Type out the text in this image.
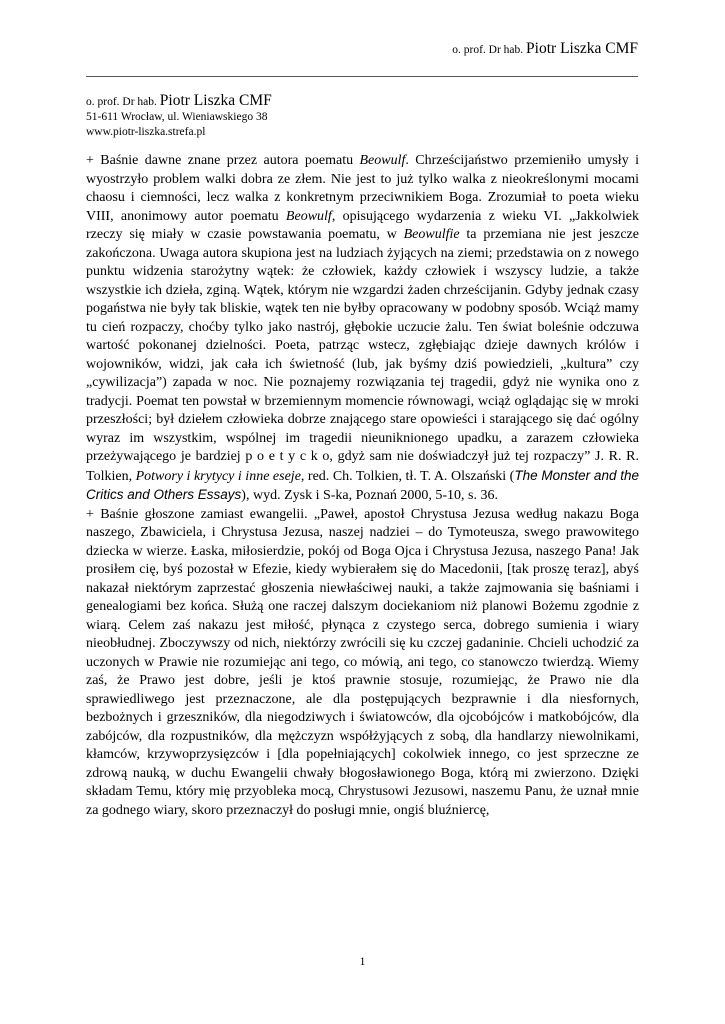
o. prof. Dr hab. Piotr Liszka CMF
o. prof. Dr hab. Piotr Liszka CMF
51-611 Wrocław, ul. Wieniawskiego 38
www.piotr-liszka.strefa.pl

+ Baśnie dawne znane przez autora poematu Beowulf. Chrześcijaństwo przemieniło umysły i wyostrzyło problem walki dobra ze złem. Nie jest to już tylko walka z nieokreślonymi mocami chaosu i ciemności, lecz walka z konkretnym przeciwnikiem Boga. Zrozumiał to poeta wieku VIII, anonimowy autor poematu Beowulf, opisującego wydarzenia z wieku VI. „Jakkolwiek rzeczy się miały w czasie powstawania poematu, w Beowulfie ta przemiana nie jest jeszcze zakończona. Uwaga autora skupiona jest na ludziach żyjących na ziemi; przedstawia on z nowego punktu widzenia starożytny wątek: że człowiek, każdy człowiek i wszyscy ludzie, a także wszystkie ich dzieła, zginą. Wątek, którym nie wzgardzi żaden chrześcijanin. Gdyby jednak czasy pogaństwa nie były tak bliskie, wątek ten nie byłby opracowany w podobny sposób. Wciąż mamy tu cień rozpaczy, choćby tylko jako nastrój, głębokie uczucie żalu. Ten świat boleśnie odczuwa wartość pokonanej dzielności. Poeta, patrząc wstecz, zgłębiając dzieje dawnych królów i wojowników, widzi, jak cała ich świetność (lub, jak byśmy dziś powiedzieli, „kultura” czy „cywilizacja”) zapada w noc. Nie poznajemy rozwiązania tej tragedii, gdyż nie wynika ono z tradycji. Poemat ten powstał w brzemiennym momencie równowagi, wciąż oglądając się w mroki przeszłości; był dziełem człowieka dobrze znającego stare opowieści i starającego się dać ogólny wyraz im wszystkim, wspólnej im tragedii nieuniknionego upadku, a zarazem człowieka przeżywającego je bardziej p o e t y c k o, gdyż sam nie doświadczył już tej rozpaczy” J. R. R. Tolkien, Potwory i krytycy i inne eseje, red. Ch. Tolkien, tł. T. A. Olszański (The Monster and the Critics and Others Essays), wyd. Zysk i S-ka, Poznań 2000, 5-10, s. 36.

+ Baśnie głoszone zamiast ewangelii. „Paweł, apostoł Chrystusa Jezusa według nakazu Boga naszego, Zbawiciela, i Chrystusa Jezusa, naszej nadziei – do Tymoteusza, swego prawowitego dziecka w wierze. Łaska, miłosierdzie, pokój od Boga Ojca i Chrystusa Jezusa, naszego Pana! Jak prosiłem cię, byś pozostał w Efezie, kiedy wybierałem się do Macedonii, [tak proszę teraz], abyś nakazał niektórym zaprzestać głoszenia niewłaściwej nauki, a także zajmowania się baśniami i genealogiami bez końca. Służą one raczej dalszym dociekaniom niż planowi Bożemu zgodnie z wiarą. Celem zaś nakazu jest miłość, płynąca z czystego serca, dobrego sumienia i wiary nieobłudnej. Zboczywszy od nich, niektórzy zwrócili się ku czczej gadaninie. Chcieli uchodzić za uczonych w Prawie nie rozumiejąc ani tego, co mówią, ani tego, co stanowczo twierdzą. Wiemy zaś, że Prawo jest dobre, jeśli je ktoś prawnie stosuje, rozumiejąc, że Prawo nie dla sprawiedliwego jest przeznaczone, ale dla postępujących bezprawnie i dla niesfornych, bezbożnych i grzeszników, dla niegodziwych i światowców, dla ojcobójców i matkobójców, dla zabójców, dla rozpustników, dla mężczyzn współżyjących z sobą, dla handlarzy niewolnikami, kłamców, krzywoprzysięzców i [dla popełniających] cokolwiek innego, co jest sprzeczne ze zdrową nauką, w duchu Ewangelii chwały błogosławionego Boga, którą mi zwierzono. Dzięki składam Temu, który mię przyobleka mocą, Chrystusowi Jezusowi, naszemu Panu, że uznał mnie za godnego wiary, skoro przeznaczył do posługi mnie, ongiś bluźniercę,

1
